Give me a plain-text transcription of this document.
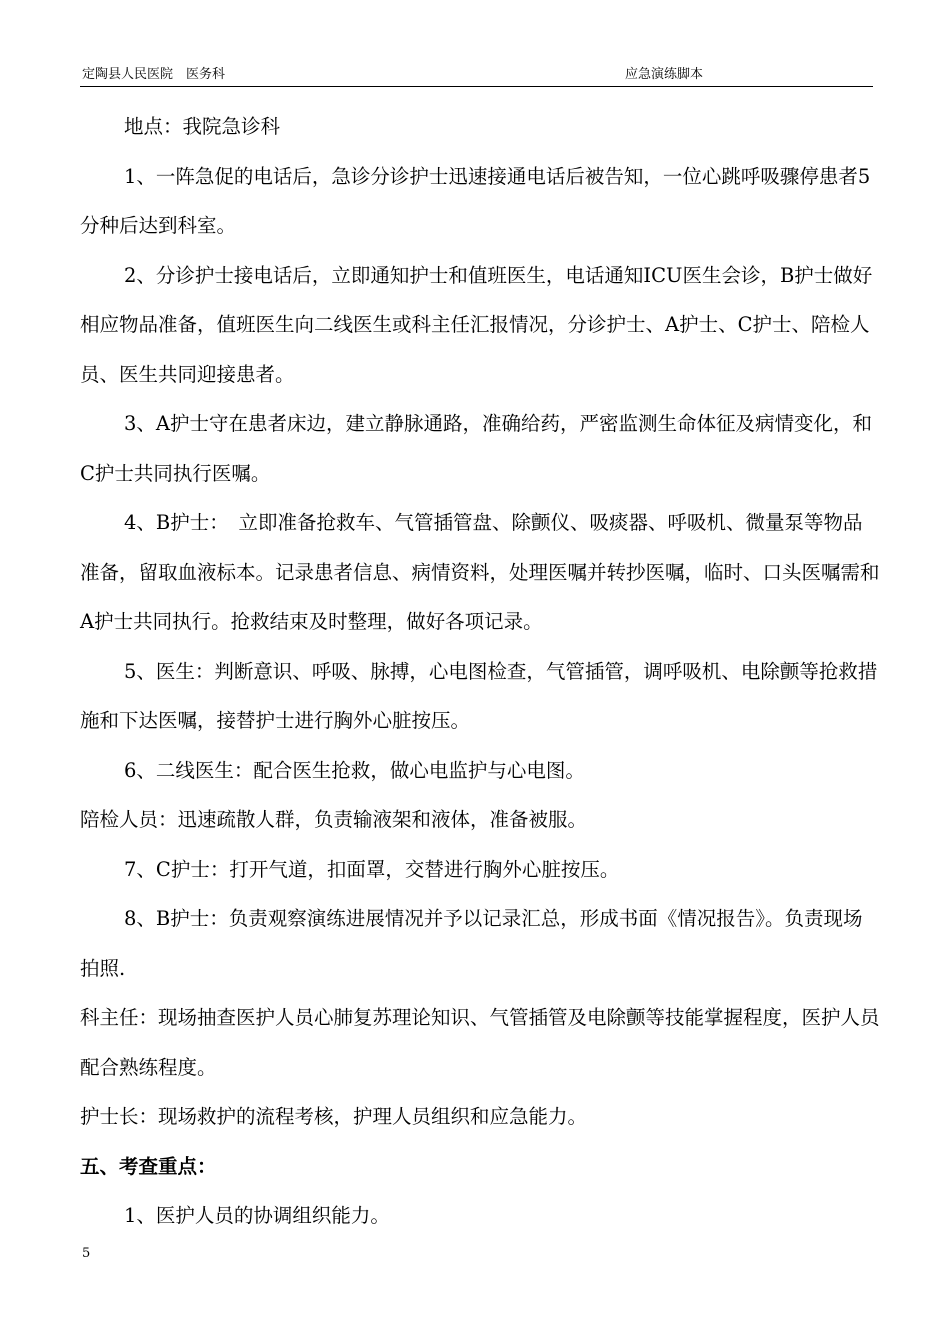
定陶县人民医院　医务科	应急演练脚本

地点：我院急诊科

1、一阵急促的电话后，急诊分诊护士迅速接通电话后被告知，一位心跳呼吸骤停患者5分种后达到科室。

2、分诊护士接电话后，立即通知护士和值班医生，电话通知ICU医生会诊，B护士做好相应物品准备，值班医生向二线医生或科主任汇报情况，分诊护士、A护士、C护士、陪检人员、医生共同迎接患者。

3、A护士守在患者床边，建立静脉通路，准确给药，严密监测生命体征及病情变化，和C护士共同执行医嘱。

4、B护士：　立即准备抢救车、气管插管盘、除颤仪、吸痰器、呼吸机、微量泵等物品准备，留取血液标本。记录患者信息、病情资料，处理医嘱并转抄医嘱，临时、口头医嘱需和A护士共同执行。抢救结束及时整理，做好各项记录。

5、医生：判断意识、呼吸、脉搏，心电图检查，气管插管，调呼吸机、电除颤等抢救措施和下达医嘱，接替护士进行胸外心脏按压。

6、二线医生：配合医生抢救，做心电监护与心电图。

陪检人员：迅速疏散人群，负责输液架和液体，准备被服。

7、C护士：打开气道，扣面罩，交替进行胸外心脏按压。

8、B护士：负责观察演练进展情况并予以记录汇总，形成书面《情况报告》。负责现场拍照.

科主任：现场抽查医护人员心肺复苏理论知识、气管插管及电除颤等技能掌握程度，医护人员配合熟练程度。

护士长：现场救护的流程考核，护理人员组织和应急能力。

五、考查重点：

1、医护人员的协调组织能力。

5
